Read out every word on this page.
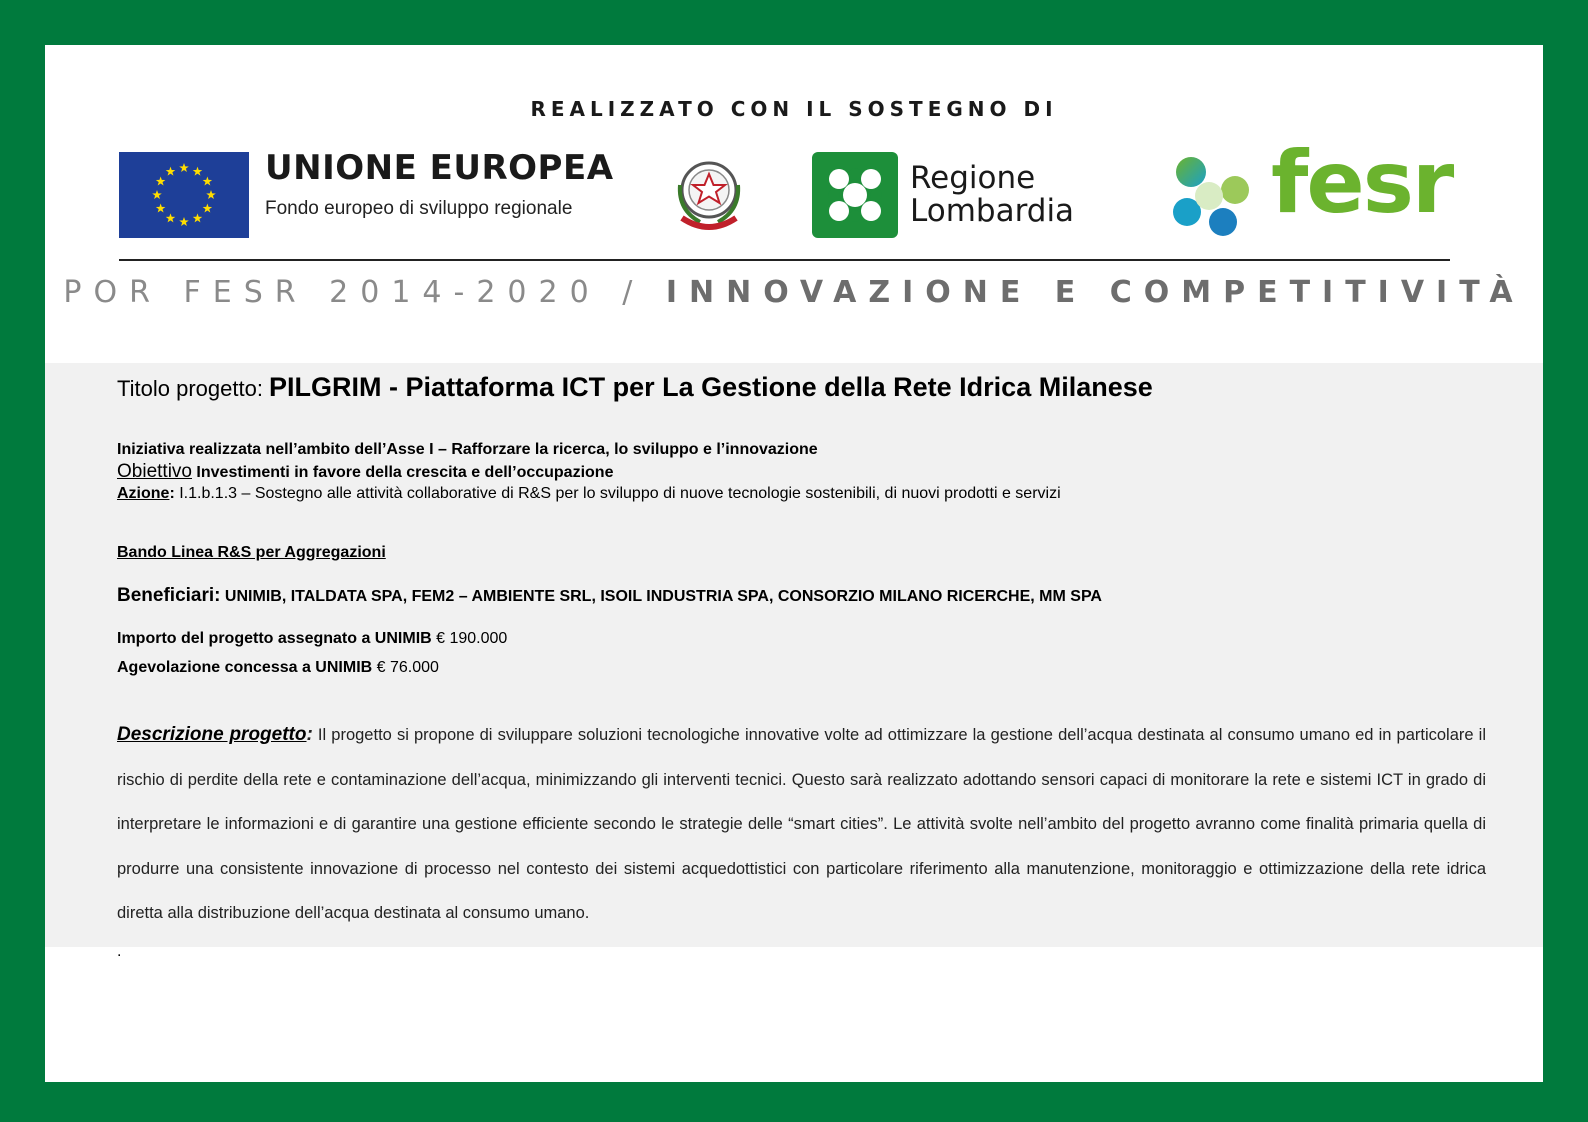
REALIZZATO CON IL SOSTEGNO DI
UNIONE EUROPEA
Fondo europeo di sviluppo regionale
Regione
Lombardia fesr
POR FESR 2014-2020 / INNOVAZIONE E COMPETITIVITÀ
Titolo progetto: PILGRIM - Piattaforma ICT per La Gestione della Rete Idrica Milanese
Iniziativa realizzata nell’ambito dell’Asse I – Rafforzare la ricerca, lo sviluppo e l’innovazione
Obiettivo Investimenti in favore della crescita e dell’occupazione
Azione: I.1.b.1.3 – Sostegno alle attività collaborative di R&S per lo sviluppo di nuove tecnologie sostenibili, di nuovi prodotti e servizi
Bando Linea R&S per Aggregazioni
Beneficiari: UNIMIB, ITALDATA SPA, FEM2 – AMBIENTE SRL, ISOIL INDUSTRIA SPA, CONSORZIO MILANO RICERCHE, MM SPA
Importo del progetto assegnato a UNIMIB € 190.000
Agevolazione concessa a UNIMIB € 76.000
Descrizione progetto: Il progetto si propone di sviluppare soluzioni tecnologiche innovative volte ad ottimizzare la gestione dell’acqua destinata al consumo umano ed in particolare il rischio di perdite della rete e contaminazione dell’acqua, minimizzando gli interventi tecnici. Questo sarà realizzato adottando sensori capaci di monitorare la rete e sistemi ICT in grado di interpretare le informazioni e di garantire una gestione efficiente secondo le strategie delle “smart cities”. Le attività svolte nell’ambito del progetto avranno come finalità primaria quella di produrre una consistente innovazione di processo nel contesto dei sistemi acquedottistici con particolare riferimento alla manutenzione, monitoraggio e ottimizzazione della rete idrica diretta alla distribuzione dell’acqua destinata al consumo umano.
.
